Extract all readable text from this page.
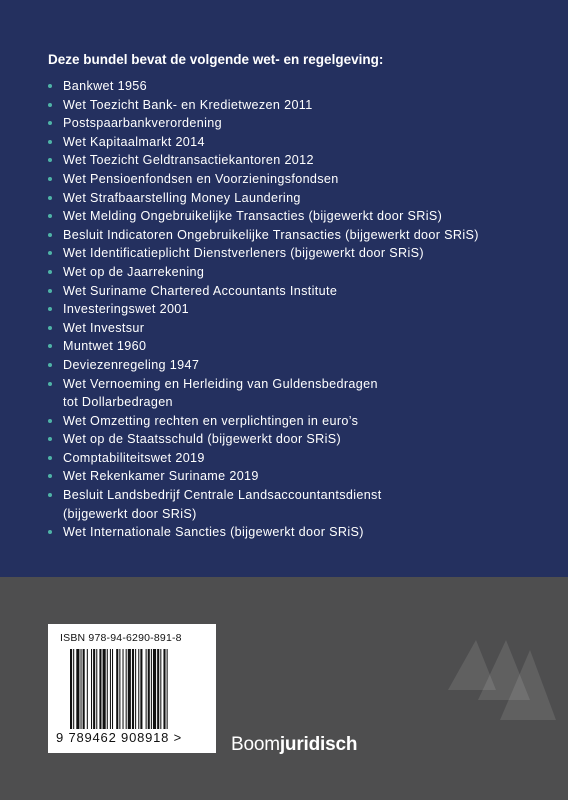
Deze bundel bevat de volgende wet- en regelgeving:
Bankwet 1956
Wet Toezicht Bank- en Kredietwezen 2011
Postspaarbankverordening
Wet Kapitaalmarkt 2014
Wet Toezicht Geldtransactiekantoren 2012
Wet Pensioenfondsen en Voorzieningsfondsen
Wet Strafbaarstelling Money Laundering
Wet Melding Ongebruikelijke Transacties (bijgewerkt door SRiS)
Besluit Indicatoren Ongebruikelijke Transacties (bijgewerkt door SRiS)
Wet Identificatieplicht Dienstverleners (bijgewerkt door SRiS)
Wet op de Jaarrekening
Wet Suriname Chartered Accountants Institute
Investeringswet 2001
Wet Investsur
Muntwet 1960
Deviezenregeling 1947
Wet Vernoeming en Herleiding van Guldensbedragen
tot Dollarbedragen
Wet Omzetting rechten en verplichtingen in euro’s
Wet op de Staatsschuld (bijgewerkt door SRiS)
Comptabiliteitswet 2019
Wet Rekenkamer Suriname 2019
Besluit Landsbedrijf Centrale Landsaccountantsdienst
(bijgewerkt door SRiS)
Wet Internationale Sancties (bijgewerkt door SRiS)
ISBN 978-94-6290-891-8
9 789462 908918 >	Boomjuridisch
